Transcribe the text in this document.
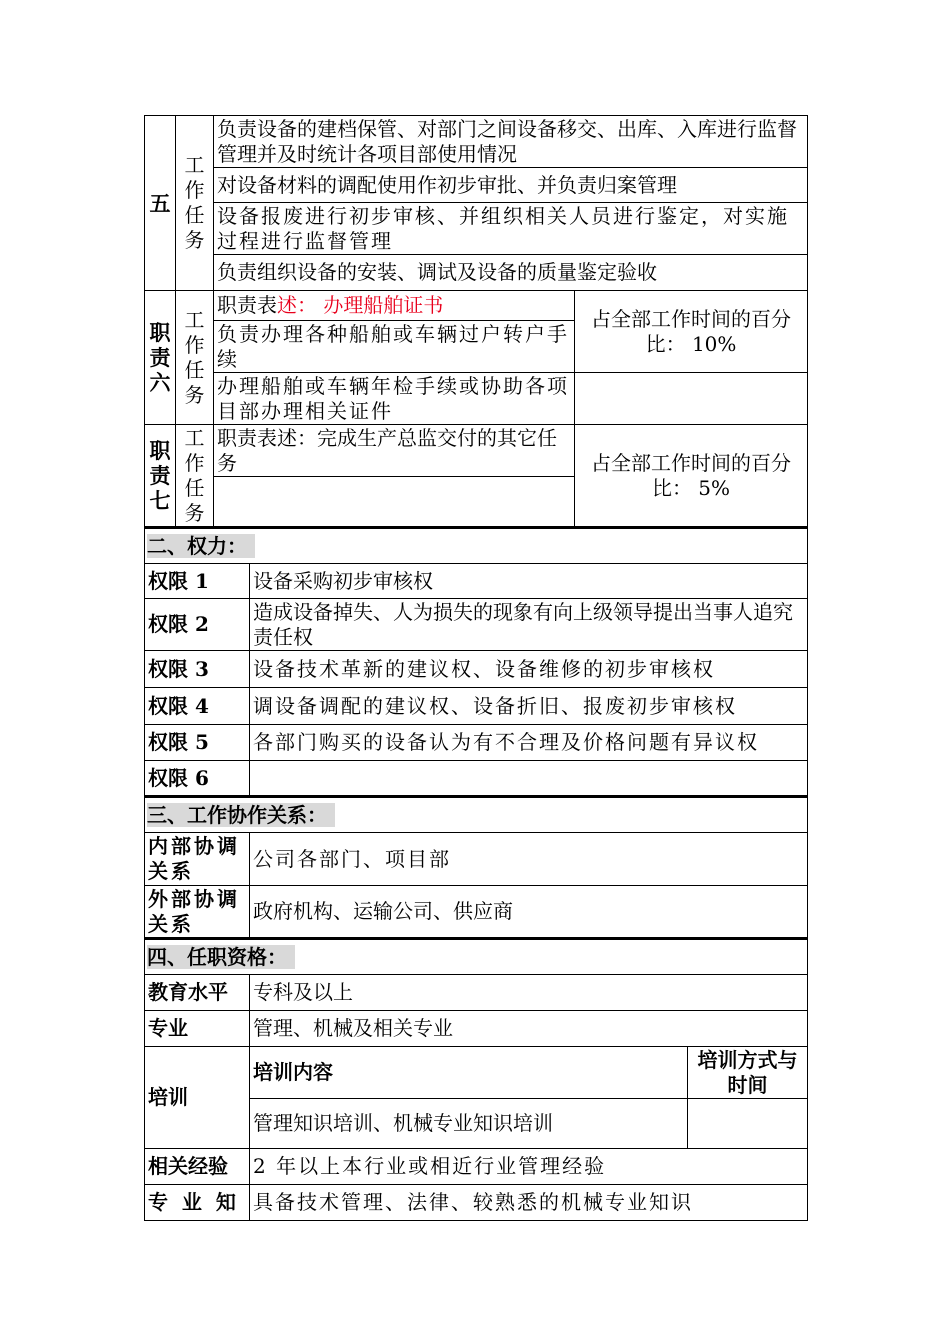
五	工作任务	负责设备的建档保管、对部门之间设备移交、出库、入库进行监督管理并及时统计各项目部使用情况			
		对设备材料的调配使用作初步审批、并负责归案管理			
		设备报废进行初步审核、并组织相关人员进行鉴定，对实施过程进行监督管理			
		负责组织设备的安装、调试及设备的质量鉴定验收			

职责六	工作任务	职责表述： 办理船舶证书		占全部工作时间的百分比： 10%	
		负责办理各种船舶或车辆过户转户手续			
		办理船舶或车辆年检手续或协助各项目部办理相关证件			

职责七	工作任务	职责表述：完成生产总监交付的其它任务		占全部工作时间的百分比： 5%	

二、权力：					
权限 1			设备采购初步审核权		
权限 2			造成设备掉失、人为损失的现象有向上级领导提出当事人追究责任权		
权限 3			设备技术革新的建议权、设备维修的初步审核权		
权限 4			调设备调配的建议权、设备折旧、报废初步审核权		
权限 5			各部门购买的设备认为有不合理及价格问题有异议权		
权限 6					
三、工作协作关系：					
内部协调关系			公司各部门、项目部		
外部协调关系			政府机构、运输公司、供应商		
四、任职资格：					
教育水平			专科及以上		
专业			管理、机械及相关专业		
培训			培训内容		培训方式与时间
			管理知识培训、机械专业知识培训		
相关经验			2 年以上本行业或相近行业管理经验		
专  业  知			具备技术管理、法律、较熟悉的机械专业知识		
